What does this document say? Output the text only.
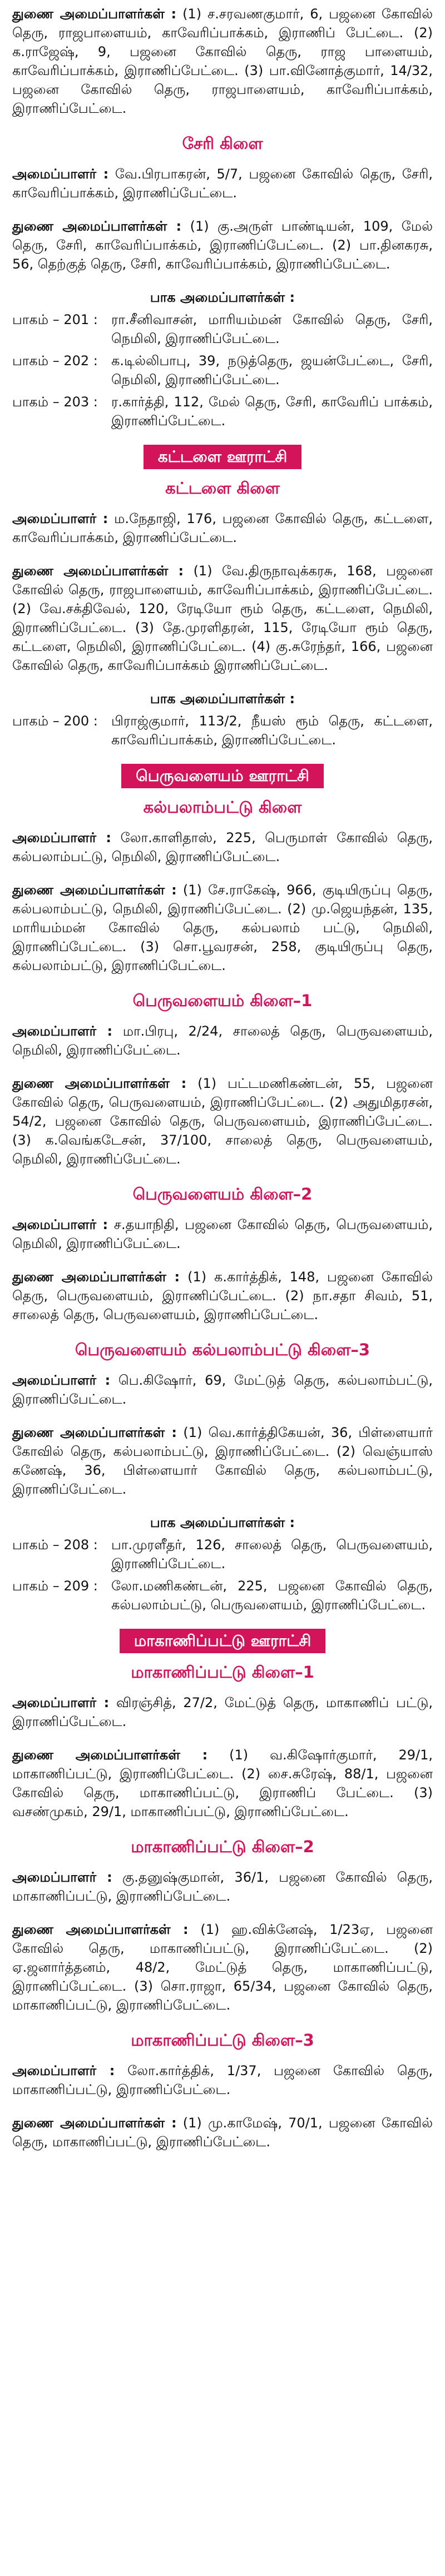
துணை அமைப்பாளர்கள் : (1) ச.சரவணகுமார், 6, பஜனை கோவில் தெரு, ராஜபாளையம், காவேரிப்பாக்கம், இராணிப் பேட்டை. (2) க.ராஜேஷ், 9, பஜனை கோவில் தெரு, ராஜ பாளையம், காவேரிப்பாக்கம், இராணிப்பேட்டை. (3) பா.வினோத்குமார், 14/32, பஜனை கோவில் தெரு, ராஜபாளையம், காவேரிப்பாக்கம், இராணிப்பேட்டை.

சேரி கிளை

அமைப்பாளர் : வே.பிரபாகரன், 5/7, பஜனை கோவில் தெரு, சேரி, காவேரிப்பாக்கம், இராணிப்பேட்டை.

துணை அமைப்பாளர்கள் : (1) கு.அருள் பாண்டியன், 109, மேல் தெரு, சேரி, காவேரிப்பாக்கம், இராணிப்பேட்டை. (2) பா.தினகரசு, 56, தெற்குத் தெரு, சேரி, காவேரிப்பாக்கம், இராணிப்பேட்டை.

பாக அமைப்பாளர்கள் :
பாகம் – 201 :	ரா.சீனிவாசன், மாரியம்மன் கோவில் தெரு, சேரி, நெமிலி, இராணிப்பேட்டை.
பாகம் – 202 :	க.டில்லிபாபு, 39, நடுத்தெரு, ஜயன்பேட்டை, சேரி, நெமிலி, இராணிப்பேட்டை.
பாகம் – 203 :	ர.கார்த்தி, 112, மேல் தெரு, சேரி, காவேரிப் பாக்கம், இராணிப்பேட்டை.
கட்டளை ஊராட்சி
கட்டளை கிளை

அமைப்பாளர் : ம.நேதாஜி, 176, பஜனை கோவில் தெரு, கட்டளை, காவேரிப்பாக்கம், இராணிப்பேட்டை.

துணை அமைப்பாளர்கள் : (1) வே.திருநாவுக்கரசு, 168, பஜனை கோவில் தெரு, ராஜபாளையம், காவேரிப்பாக்கம், இராணிப்பேட்டை. (2) வே.சக்திவேல், 120, ரேடியோ ரூம் தெரு, கட்டளை, நெமிலி, இராணிப்பேட்டை. (3) தே.முரளிதரன், 115, ரேடியோ ரூம் தெரு, கட்டளை, நெமிலி, இராணிப்பேட்டை. (4) கு.சுரேந்தர், 166, பஜனை கோவில் தெரு, காவேரிப்பாக்கம் இராணிப்பேட்டை.

பாக அமைப்பாளர்கள் :
பாகம் – 200 :	பிராஜ்குமார், 113/2, நீயஸ் ரூம் தெரு, கட்டளை, காவேரிப்பாக்கம், இராணிப்பேட்டை.
பெருவளையம் ஊராட்சி
கல்பலாம்பட்டு கிளை

அமைப்பாளர் : லோ.காளிதாஸ், 225, பெருமாள் கோவில் தெரு, கல்பலாம்பட்டு, நெமிலி, இராணிப்பேட்டை.

துணை அமைப்பாளர்கள் : (1) சே.ராகேஷ், 966, குடியிருப்பு தெரு, கல்பலாம்பட்டு, நெமிலி, இராணிப்பேட்டை. (2) மு.ஜெயந்தன், 135, மாரியம்மன் கோவில் தெரு, கல்பலாம் பட்டு, நெமிலி, இராணிப்பேட்டை. (3) சொ.பூவரசன், 258, குடியிருப்பு தெரு, கல்பலாம்பட்டு, இராணிப்பேட்டை.

பெருவளையம் கிளை–1

அமைப்பாளர் : மா.பிரபு, 2/24, சாலைத் தெரு, பெருவளையம், நெமிலி, இராணிப்பேட்டை.

துணை அமைப்பாளர்கள் : (1) பட்டமணிகண்டன், 55, பஜனை கோவில் தெரு, பெருவளையம், இராணிப்பேட்டை. (2) அதுமிதரசன், 54/2, பஜனை கோவில் தெரு, பெருவளையம், இராணிப்பேட்டை. (3) க.வெங்கடேசன், 37/100, சாலைத் தெரு, பெருவளையம், நெமிலி, இராணிப்பேட்டை.

பெருவளையம் கிளை–2

அமைப்பாளர் : ச.தயாநிதி, பஜனை கோவில் தெரு, பெருவளையம், நெமிலி, இராணிப்பேட்டை.

துணை அமைப்பாளர்கள் : (1) க.கார்த்திக், 148, பஜனை கோவில் தெரு, பெருவளையம், இராணிப்பேட்டை. (2) நா.சதா சிவம், 51, சாலைத் தெரு, பெருவளையம், இராணிப்பேட்டை.

பெருவளையம் கல்பலாம்பட்டு கிளை–3

அமைப்பாளர் : பெ.கிஷோர், 69, மேட்டுத் தெரு, கல்பலாம்பட்டு, இராணிப்பேட்டை.

துணை அமைப்பாளர்கள் : (1) வெ.கார்த்திகேயன், 36, பிள்ளையார் கோவில் தெரு, கல்பலாம்பட்டு, இராணிப்பேட்டை. (2) வெஞ்யாஸ் கணேஷ், 36, பிள்ளையார் கோவில் தெரு, கல்பலாம்பட்டு, இராணிப்பேட்டை.

பாக அமைப்பாளர்கள் :
பாகம் – 208 :	பா.முரளீதர், 126, சாலைத் தெரு, பெருவளையம், இராணிப்பேட்டை.
பாகம் – 209 :	லோ.மணிகண்டன், 225, பஜனை கோவில் தெரு, கல்பலாம்பட்டு, பெருவளையம், இராணிப்பேட்டை.
மாகாணிப்பட்டு ஊராட்சி
மாகாணிப்பட்டு கிளை–1

அமைப்பாளர் : விரஞ்சித், 27/2, மேட்டுத் தெரு, மாகாணிப் பட்டு, இராணிப்பேட்டை.

துணை அமைப்பாளர்கள் : (1) வ.கிஷோர்குமார், 29/1, மாகாணிப்பட்டு, இராணிப்பேட்டை. (2) சை.சுரேஷ், 88/1, பஜனை கோவில் தெரு, மாகாணிப்பட்டு, இராணிப் பேட்டை. (3) வசண்முகம், 29/1, மாகாணிப்பட்டு, இராணிப்பேட்டை.

மாகாணிப்பட்டு கிளை–2

அமைப்பாளர் : கு.தனுஷ்குமான், 36/1, பஜனை கோவில் தெரு, மாகாணிப்பட்டு, இராணிப்பேட்டை.

துணை அமைப்பாளர்கள் : (1) ஹ.விக்னேஷ், 1/23ஏ, பஜனை கோவில் தெரு, மாகாணிப்பட்டு, இராணிப்பேட்டை. (2) ஏ.ஜனார்த்தனம், 48/2, மேட்டுத் தெரு, மாகாணிப்பட்டு, இராணிப்பேட்டை. (3) சொ.ராஜா, 65/34, பஜனை கோவில் தெரு, மாகாணிப்பட்டு, இராணிப்பேட்டை.

மாகாணிப்பட்டு கிளை–3

அமைப்பாளர் : லோ.கார்த்திக், 1/37, பஜனை கோவில் தெரு, மாகாணிப்பட்டு, இராணிப்பேட்டை.

துணை அமைப்பாளர்கள் : (1) மு.காமேஷ், 70/1, பஜனை கோவில் தெரு, மாகாணிப்பட்டு, இராணிப்பேட்டை.
